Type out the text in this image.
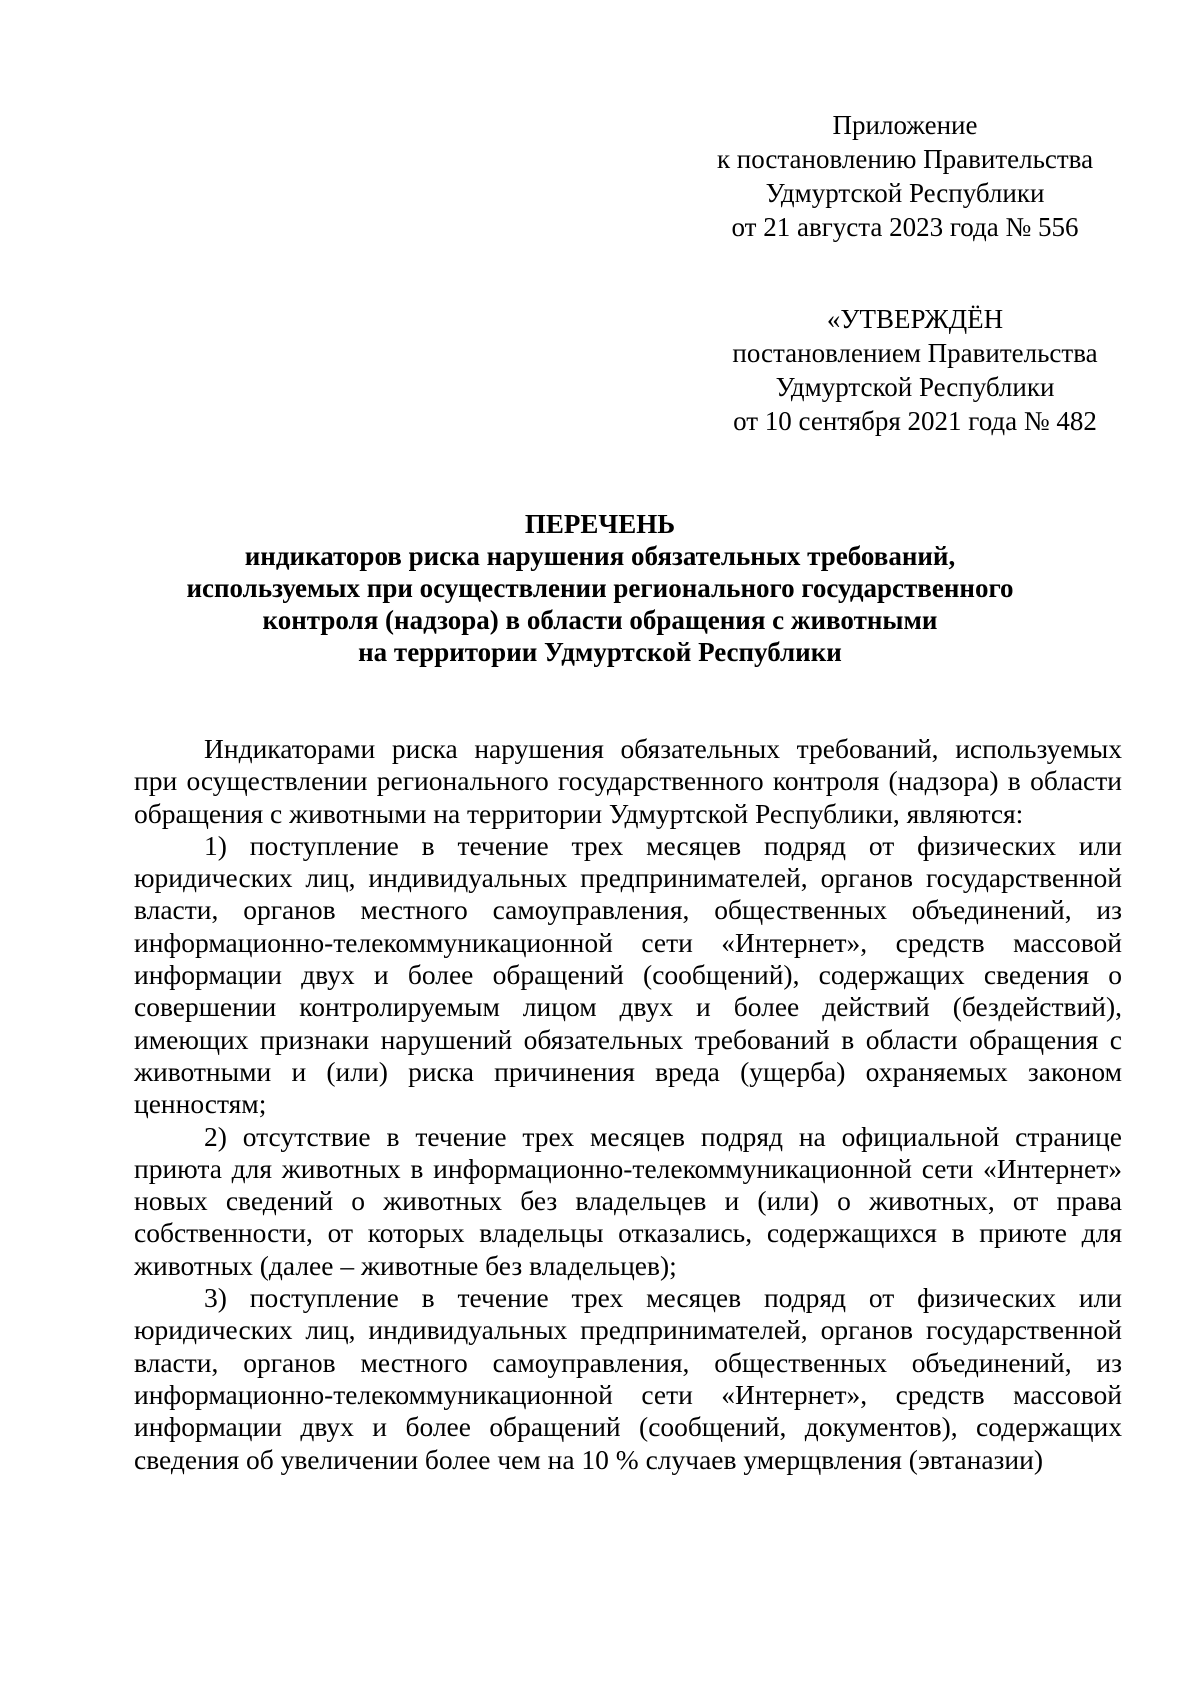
Приложение
к постановлению Правительства
Удмуртской Республики
от 21 августа 2023 года № 556
«УТВЕРЖДЁН
постановлением Правительства
Удмуртской Республики
от 10 сентября 2021 года № 482
ПЕРЕЧЕНЬ
индикаторов риска нарушения обязательных требований,
используемых при осуществлении регионального государственного
контроля (надзора) в области обращения с животными
на территории Удмуртской Республики

Индикаторами риска нарушения обязательных требований, используемых при осуществлении регионального государственного контроля (надзора) в области обращения с животными на территории Удмуртской Республики, являются:

1) поступление в течение трех месяцев подряд от физических или юридических лиц, индивидуальных предпринимателей, органов государственной власти, органов местного самоуправления, общественных объединений, из информационно-телекоммуникационной сети «Интернет», средств массовой информации двух и более обращений (сообщений), содержащих сведения о совершении контролируемым лицом двух и более действий (бездействий), имеющих признаки нарушений обязательных требований в области обращения с животными и (или) риска причинения вреда (ущерба) охраняемых законом ценностям;

2) отсутствие в течение трех месяцев подряд на официальной странице приюта для животных в информационно-телекоммуникационной сети «Интернет» новых сведений о животных без владельцев и (или) о животных, от права собственности, от которых владельцы отказались, содержащихся в приюте для животных (далее – животные без владельцев);

3) поступление в течение трех месяцев подряд от физических или юридических лиц, индивидуальных предпринимателей, органов государственной власти, органов местного самоуправления, общественных объединений, из информационно-телекоммуникационной сети «Интернет», средств массовой информации двух и более обращений (сообщений, документов), содержащих сведения об увеличении более чем на 10 % случаев умерщвления (эвтаназии)
